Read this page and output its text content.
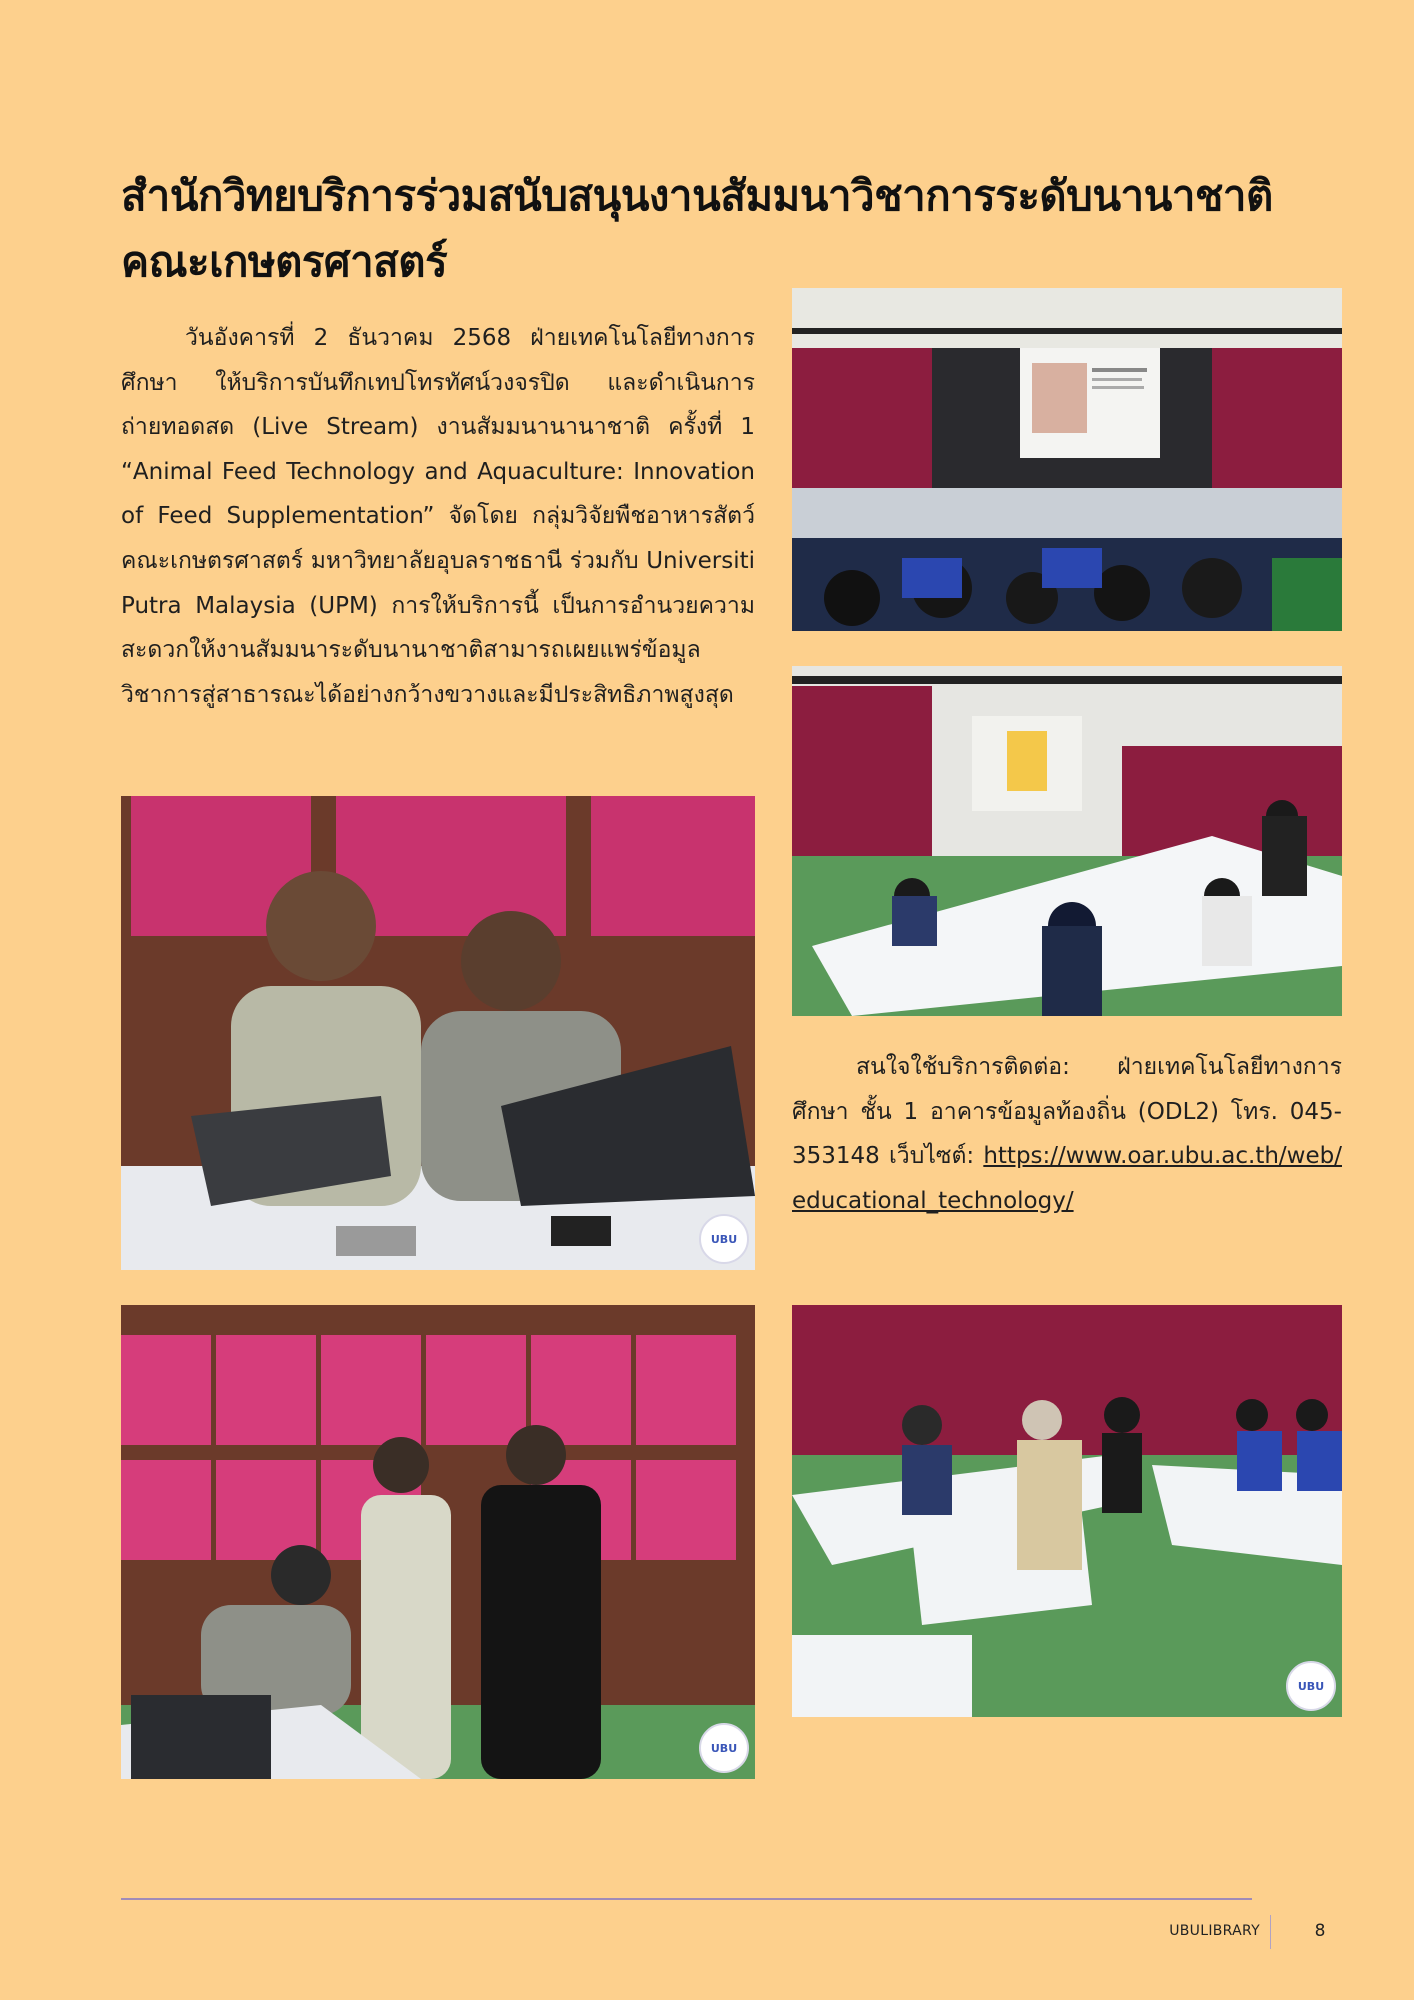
สำนักวิทยบริการร่วมสนับสนุนงานสัมมนาวิชาการระดับนานาชาติ
คณะเกษตรศาสตร์

วันอังคารที่ 2 ธันวาคม 2568 ฝ่ายเทคโนโลยีทางการศึกษา ให้บริการบันทึกเทปโทรทัศน์วงจรปิด และดำเนินการถ่ายทอดสด (Live Stream) งานสัมมนานานาชาติ ครั้งที่ 1 “Animal Feed Technology and Aquaculture: Innovation of Feed Supplementation” จัดโดย กลุ่มวิจัยพืชอาหารสัตว์ คณะเกษตรศาสตร์ มหาวิทยาลัยอุบลราชธานี ร่วมกับ Universiti Putra Malaysia (UPM) การให้บริการนี้ เป็นการอำนวยความสะดวกให้งานสัมมนาระดับนานาชาติสามารถเผยแพร่ข้อมูลวิชาการสู่สาธารณะได้อย่างกว้างขวางและมีประสิทธิภาพสูงสุด

UBU
UBU
UBU

สนใจใช้บริการติดต่อ: ฝ่ายเทคโนโลยีทางการศึกษา ชั้น 1 อาคารข้อมูลท้องถิ่น (ODL2) โทร. 045-353148 เว็บไซต์: https://www.oar.ubu.ac.th/web/educational_technology/

UBULIBRARY	8
